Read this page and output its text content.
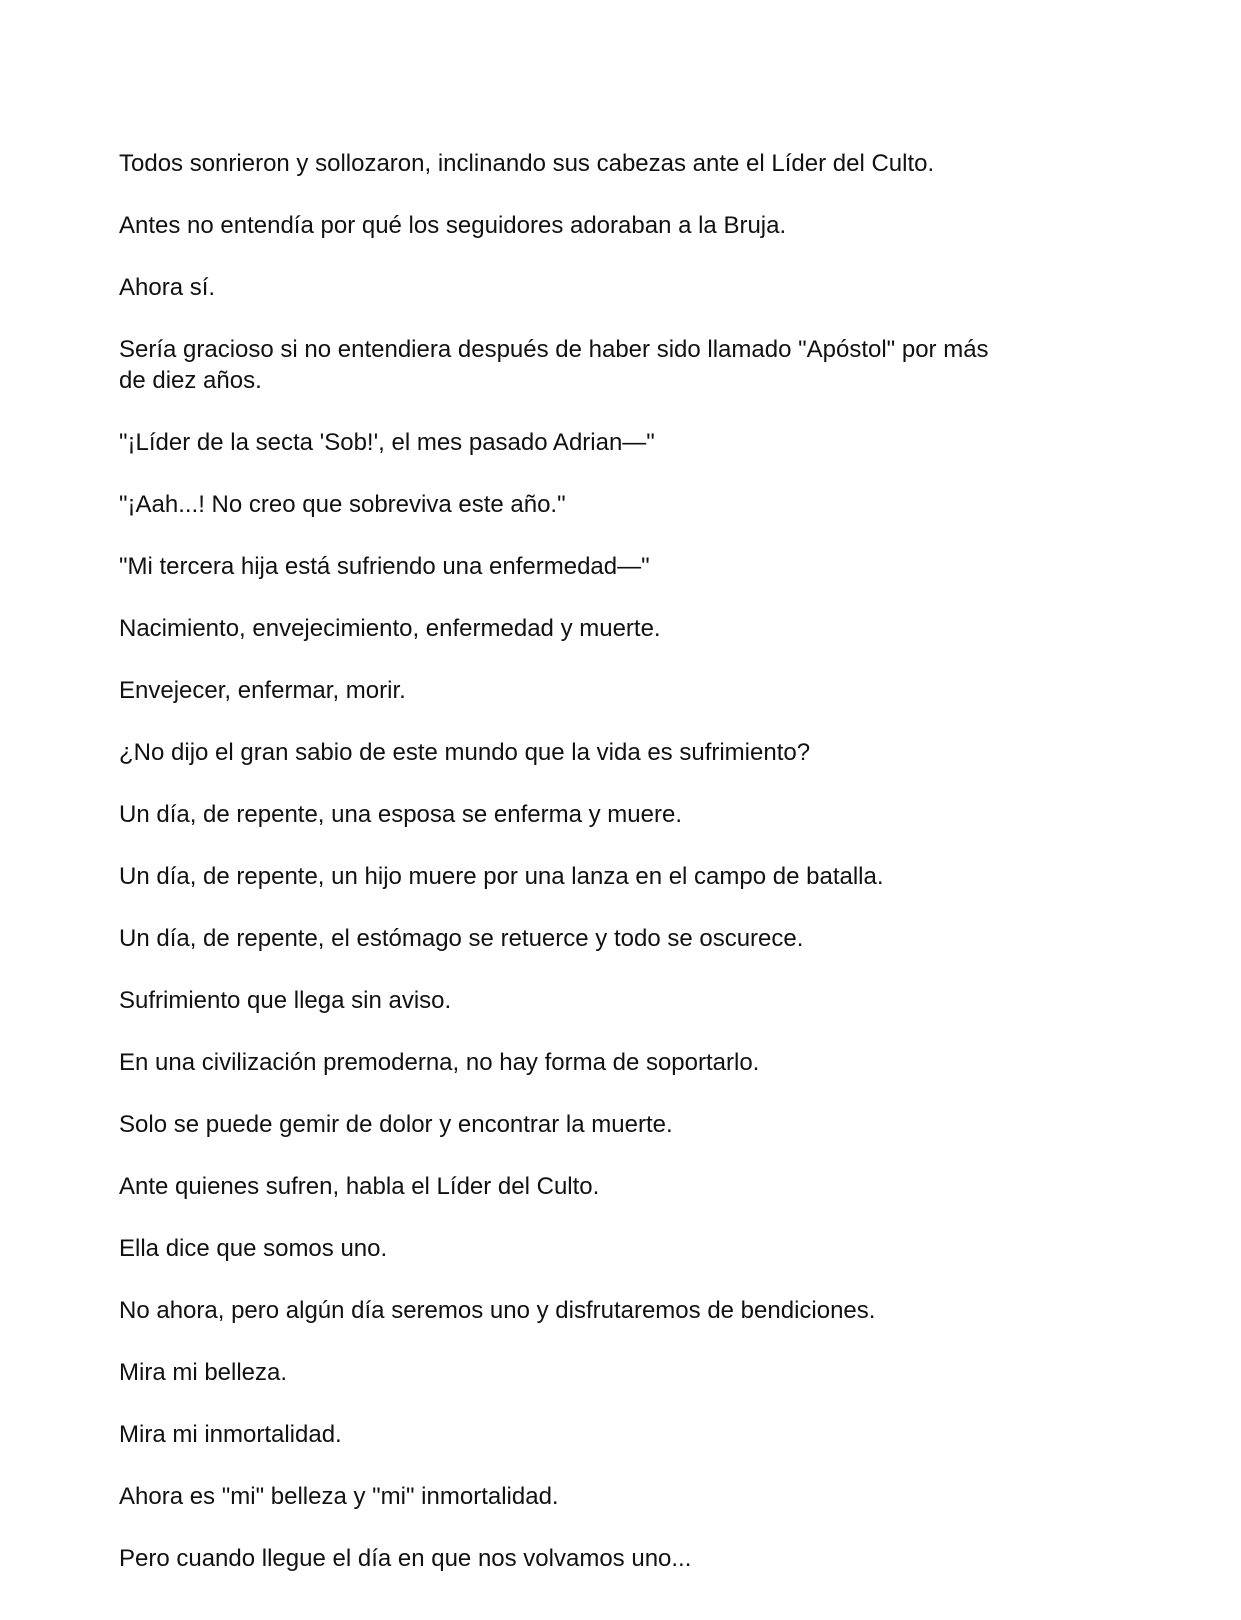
Todos sonrieron y sollozaron, inclinando sus cabezas ante el Líder del Culto.

Antes no entendía por qué los seguidores adoraban a la Bruja.

Ahora sí.

Sería gracioso si no entendiera después de haber sido llamado "Apóstol" por más
de diez años.

"¡Líder de la secta 'Sob!', el mes pasado Adrian—"

"¡Aah...! No creo que sobreviva este año."

"Mi tercera hija está sufriendo una enfermedad—"

Nacimiento, envejecimiento, enfermedad y muerte.

Envejecer, enfermar, morir.

¿No dijo el gran sabio de este mundo que la vida es sufrimiento?

Un día, de repente, una esposa se enferma y muere.

Un día, de repente, un hijo muere por una lanza en el campo de batalla.

Un día, de repente, el estómago se retuerce y todo se oscurece.

Sufrimiento que llega sin aviso.

En una civilización premoderna, no hay forma de soportarlo.

Solo se puede gemir de dolor y encontrar la muerte.

Ante quienes sufren, habla el Líder del Culto.

Ella dice que somos uno.

No ahora, pero algún día seremos uno y disfrutaremos de bendiciones.

Mira mi belleza.

Mira mi inmortalidad.

Ahora es "mi" belleza y "mi" inmortalidad.

Pero cuando llegue el día en que nos volvamos uno...
